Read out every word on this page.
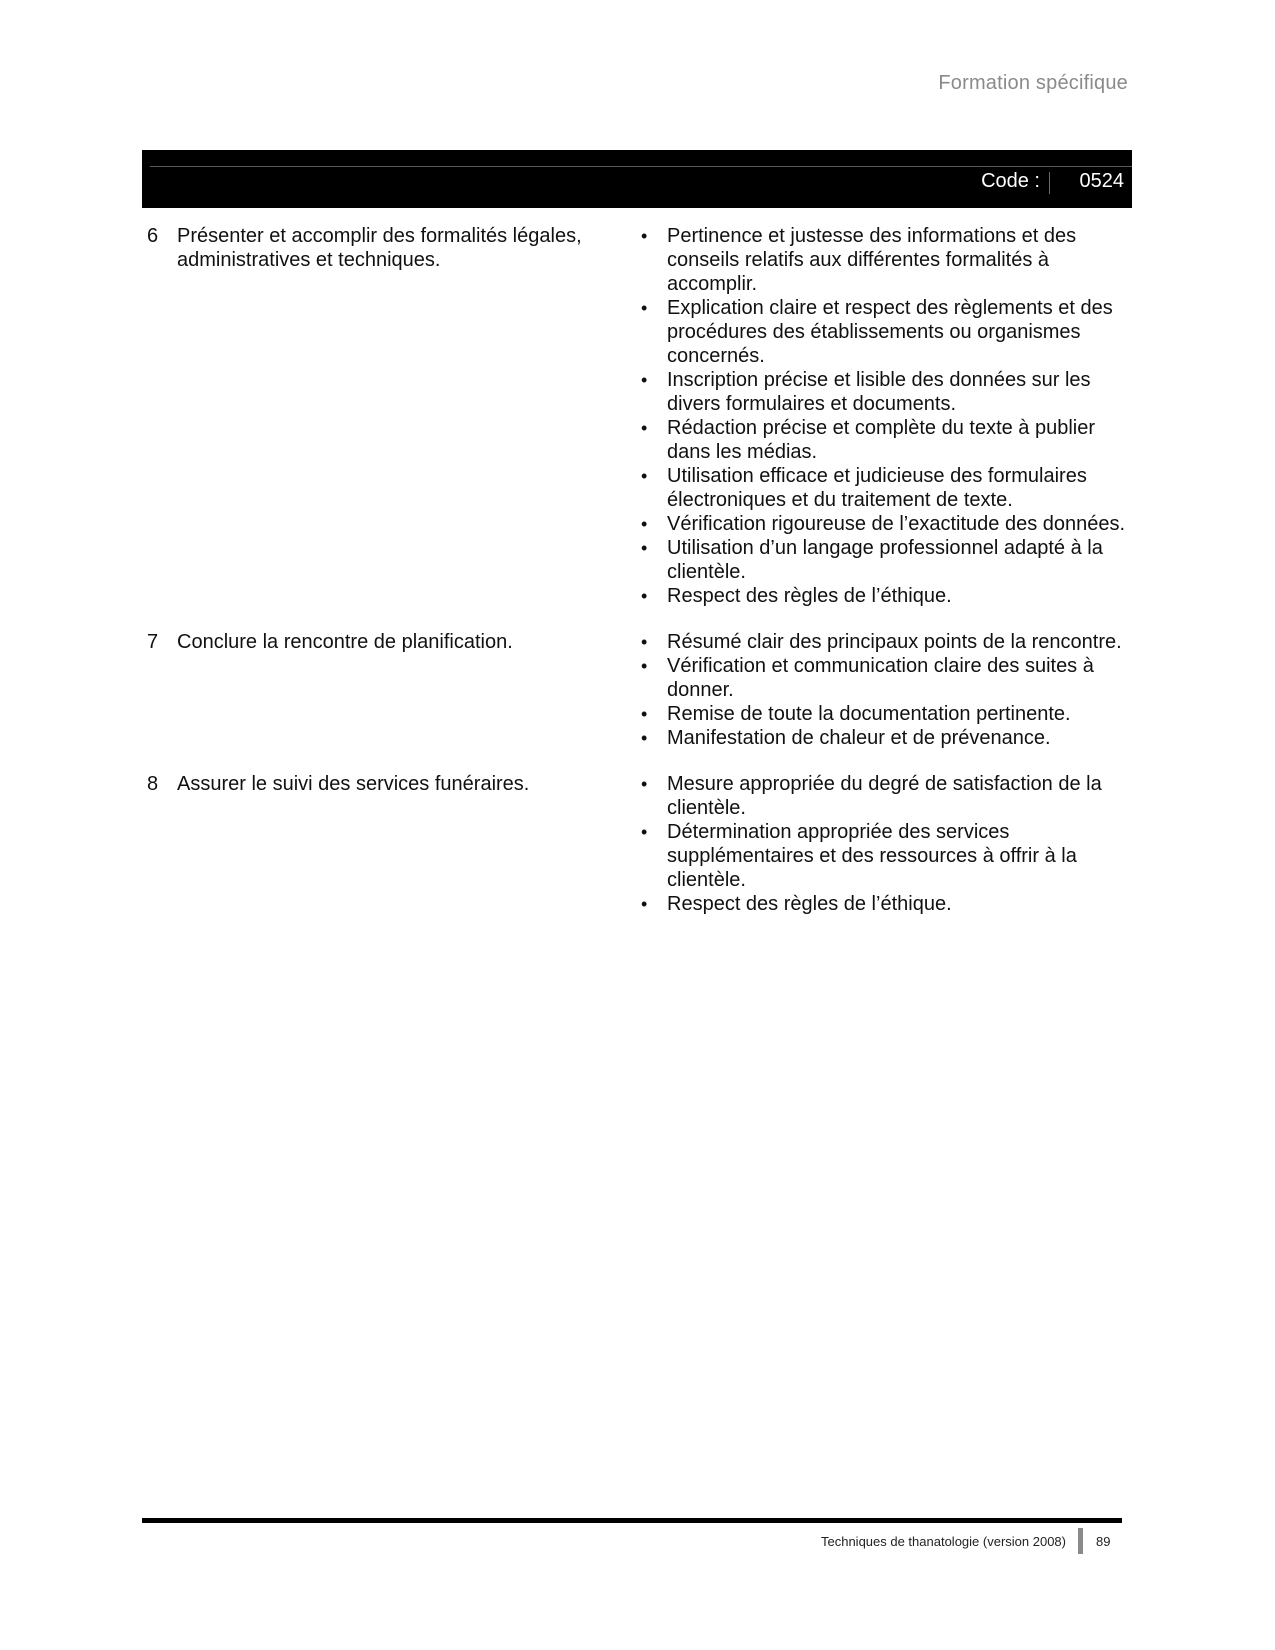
Formation spécifique
Code : 0524
6 Présenter et accomplir des formalités légales, administratives et techniques.
• Pertinence et justesse des informations et des conseils relatifs aux différentes formalités à accomplir.
• Explication claire et respect des règlements et des procédures des établissements ou organismes concernés.
• Inscription précise et lisible des données sur les divers formulaires et documents.
• Rédaction précise et complète du texte à publier dans les médias.
• Utilisation efficace et judicieuse des formulaires électroniques et du traitement de texte.
• Vérification rigoureuse de l’exactitude des données.
• Utilisation d’un langage professionnel adapté à la clientèle.
• Respect des règles de l’éthique.
7 Conclure la rencontre de planification.	• Résumé clair des principaux points de la rencontre.
• Vérification et communication claire des suites à donner.
• Remise de toute la documentation pertinente.
• Manifestation de chaleur et de prévenance.
8 Assurer le suivi des services funéraires.	• Mesure appropriée du degré de satisfaction de la clientèle.
• Détermination appropriée des services supplémentaires et des ressources à offrir à la clientèle.
• Respect des règles de l’éthique.
Techniques de thanatologie (version 2008) 89
